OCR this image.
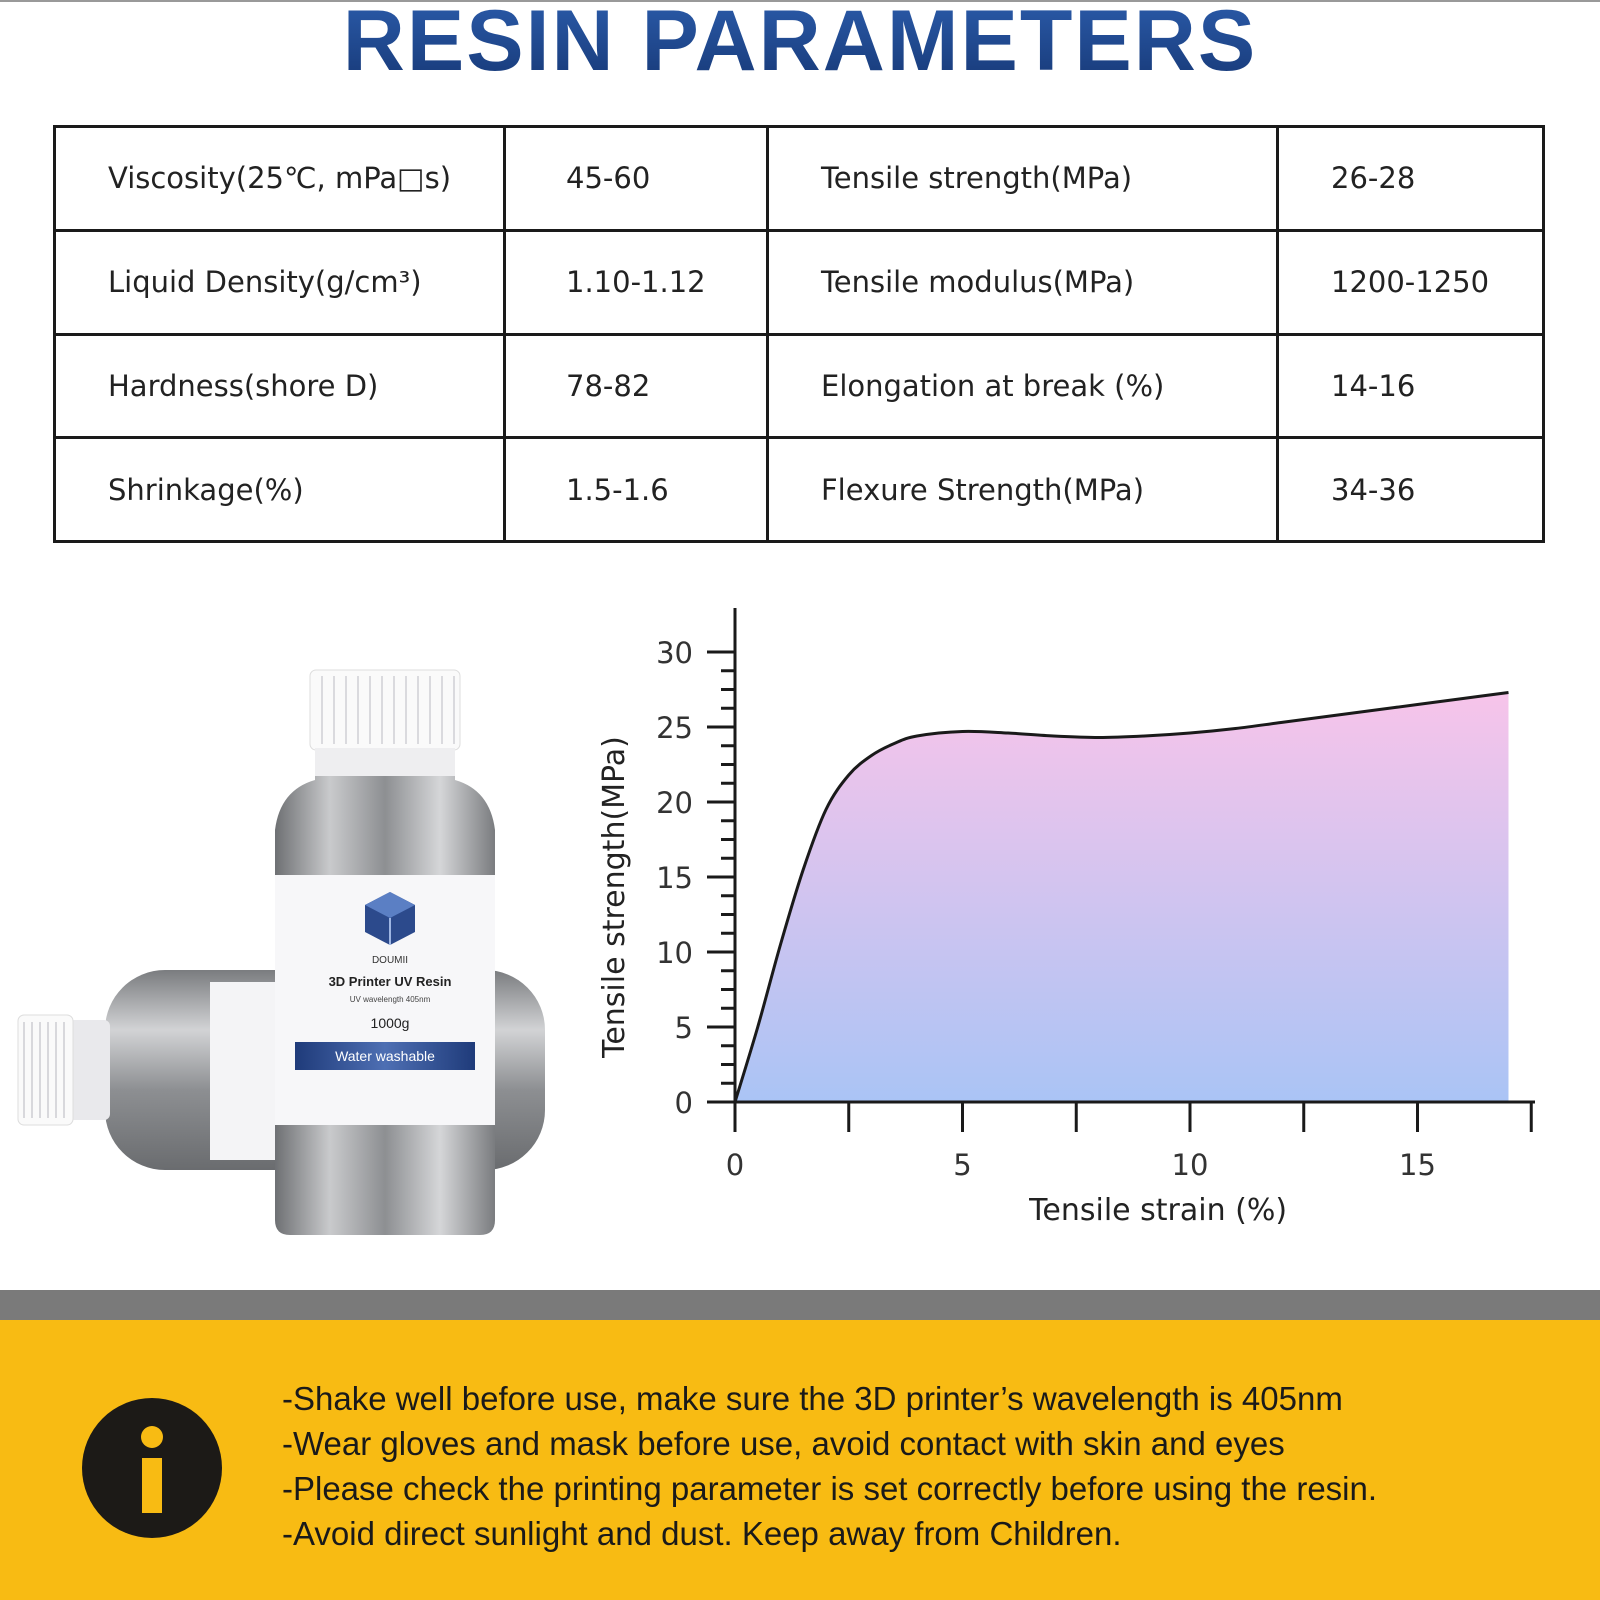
RESIN PARAMETERS
Viscosity(25℃, mPa□s)	45-60	Tensile strength(MPa)	26-28
Liquid Density(g/cm³)	1.10-1.12	Tensile modulus(MPa)	1200-1250
Hardness(shore D)	78-82	Elongation at break (%)	14-16
Shrinkage(%)	1.5-1.6	Flexure Strength(MPa)	34-36
DOUMII
3D Printer UV Resin
UV wavelength 405nm
1000g
Water washable
0
5
10
15
20
25
30
0	5	10	15
Tensile strength(MPa)
Tensile strain (%)
-Shake well before use, make sure the 3D printer’s wavelength is 405nm
-Wear gloves and mask before use, avoid contact with skin and eyes
-Please check the printing parameter is set correctly before using the resin.
-Avoid direct sunlight and dust. Keep away from Children.
